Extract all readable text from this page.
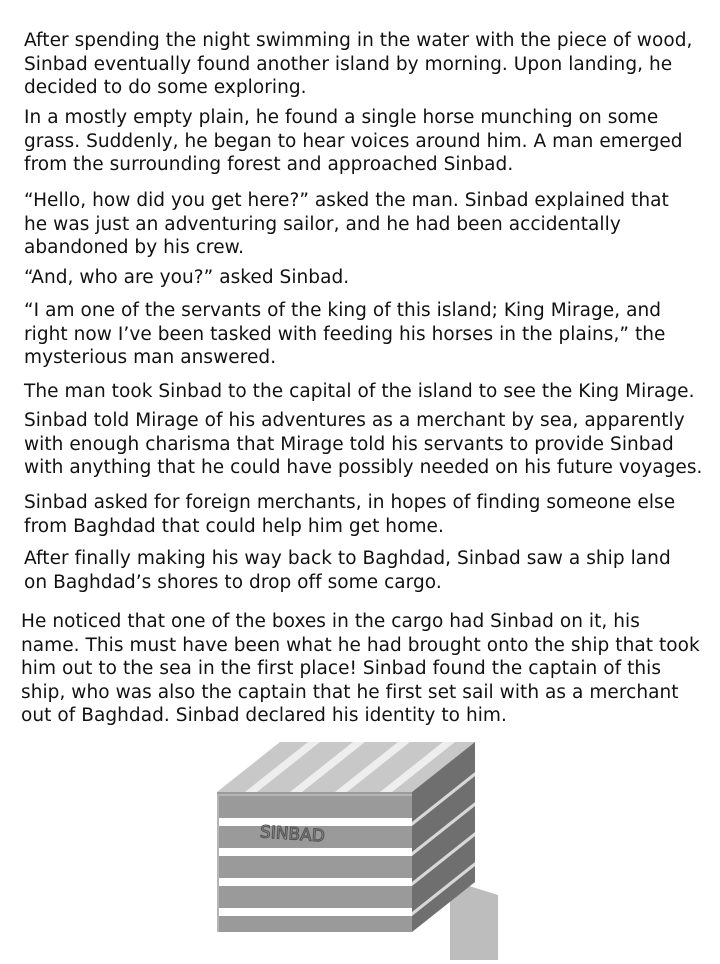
After spending the night swimming in the water with the piece of wood, Sinbad eventually found another island by morning. Upon landing, he decided to do some exploring.

In a mostly empty plain, he found a single horse munching on some grass. Suddenly, he began to hear voices around him. A man emerged from the surrounding forest and approached Sinbad.

“Hello, how did you get here?” asked the man. Sinbad explained that he was just an adventuring sailor, and he had been accidentally abandoned by his crew.

“And, who are you?” asked Sinbad.

“I am one of the servants of the king of this island; King Mirage, and right now I’ve been tasked with feeding his horses in the plains,” the mysterious man answered.

The man took Sinbad to the capital of the island to see the King Mirage.

Sinbad told Mirage of his adventures as a merchant by sea, apparently with enough charisma that Mirage told his servants to provide Sinbad with anything that he could have possibly needed on his future voyages.

Sinbad asked for foreign merchants, in hopes of finding someone else from Baghdad that could help him get home.

After finally making his way back to Baghdad, Sinbad saw a ship land on Baghdad’s shores to drop off some cargo.

He noticed that one of the boxes in the cargo had Sinbad on it, his name. This must have been what he had brought onto the ship that took him out to the sea in the first place! Sinbad found the captain of this ship, who was also the captain that he first set sail with as a merchant out of Baghdad. Sinbad declared his identity to him.

SINBAD
